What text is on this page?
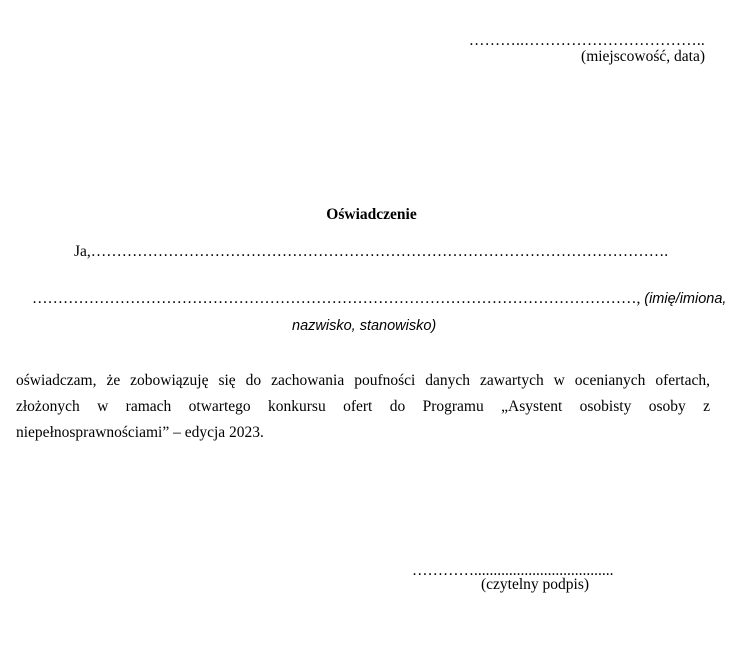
………..……………………………..
(miejscowość, data)
Oświadczenie
Ja,………………………………………………………………………………………………….
………………………………………………………………………………………………………, (imię/imiona,
nazwisko, stanowisko)
oświadczam, że zobowiązuję się do zachowania poufności danych zawartych w ocenianych ofertach, złożonych w ramach otwartego konkursu ofert do Programu „Asystent osobisty osoby z niepełnosprawnościami” – edycja 2023.
…………....................................
(czytelny podpis)
